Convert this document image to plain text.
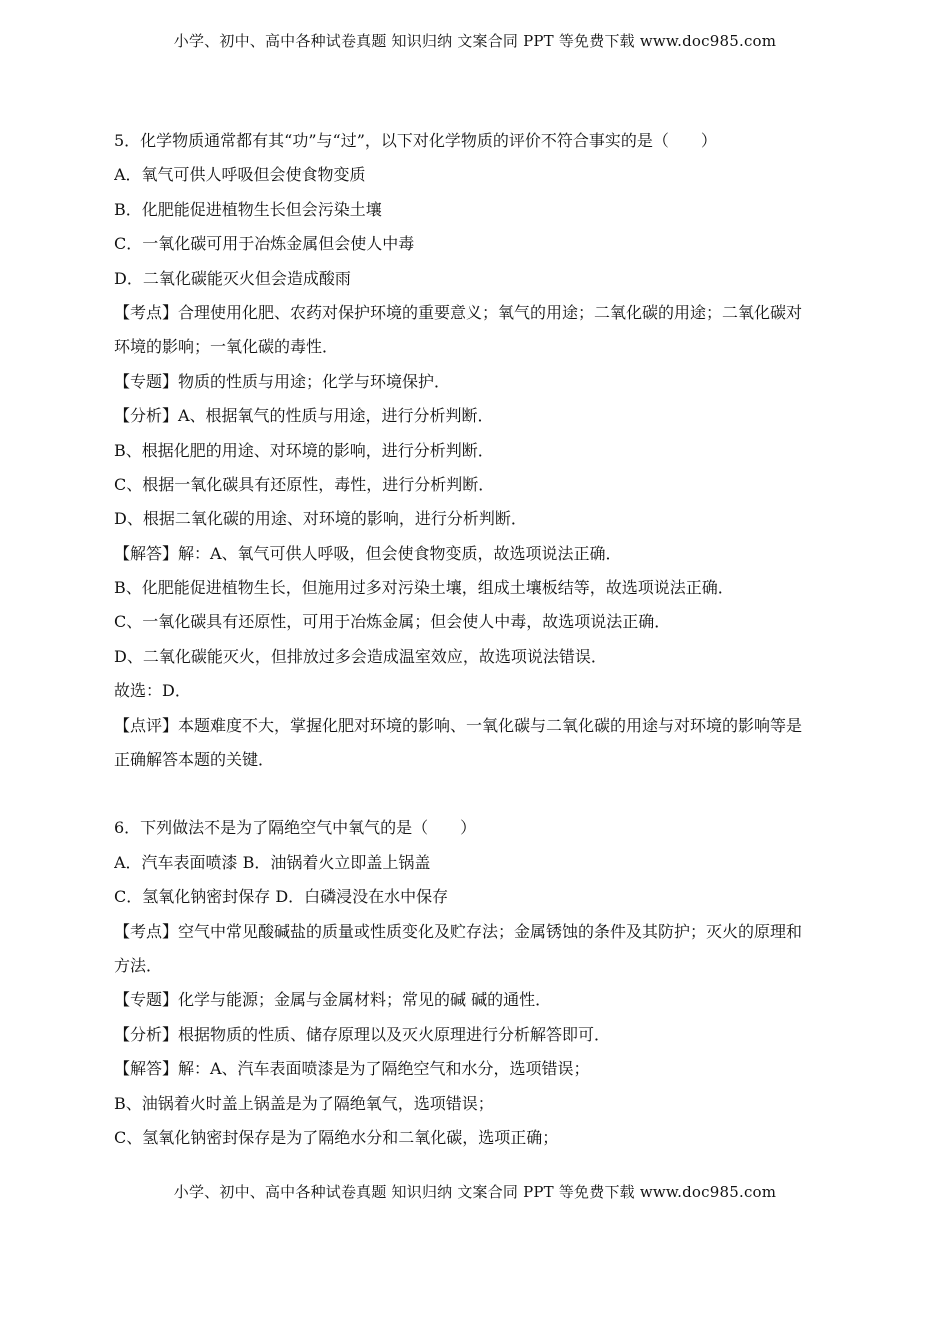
小学、初中、高中各种试卷真题 知识归纳 文案合同 PPT 等免费下载 www.doc985.com
5．化学物质通常都有其“功”与“过”，以下对化学物质的评价不符合事实的是（　　）
A．氧气可供人呼吸但会使食物变质
B．化肥能促进植物生长但会污染土壤
C．一氧化碳可用于冶炼金属但会使人中毒
D．二氧化碳能灭火但会造成酸雨
【考点】合理使用化肥、农药对保护环境的重要意义；氧气的用途；二氧化碳的用途；二氧化碳对
环境的影响；一氧化碳的毒性．
【专题】物质的性质与用途；化学与环境保护．
【分析】A、根据氧气的性质与用途，进行分析判断．
B、根据化肥的用途、对环境的影响，进行分析判断．
C、根据一氧化碳具有还原性，毒性，进行分析判断．
D、根据二氧化碳的用途、对环境的影响，进行分析判断．
【解答】解：A、氧气可供人呼吸，但会使食物变质，故选项说法正确．
B、化肥能促进植物生长，但施用过多对污染土壤，组成土壤板结等，故选项说法正确．
C、一氧化碳具有还原性，可用于冶炼金属；但会使人中毒，故选项说法正确．
D、二氧化碳能灭火，但排放过多会造成温室效应，故选项说法错误．
故选：D．
【点评】本题难度不大，掌握化肥对环境的影响、一氧化碳与二氧化碳的用途与对环境的影响等是
正确解答本题的关键．
6．下列做法不是为了隔绝空气中氧气的是（　　）
A．汽车表面喷漆 B．油锅着火立即盖上锅盖
C．氢氧化钠密封保存 D．白磷浸没在水中保存
【考点】空气中常见酸碱盐的质量或性质变化及贮存法；金属锈蚀的条件及其防护；灭火的原理和
方法．
【专题】化学与能源；金属与金属材料；常见的碱 碱的通性．
【分析】根据物质的性质、储存原理以及灭火原理进行分析解答即可．
【解答】解：A、汽车表面喷漆是为了隔绝空气和水分，选项错误；
B、油锅着火时盖上锅盖是为了隔绝氧气，选项错误；
C、氢氧化钠密封保存是为了隔绝水分和二氧化碳，选项正确；
小学、初中、高中各种试卷真题 知识归纳 文案合同 PPT 等免费下载 www.doc985.com
